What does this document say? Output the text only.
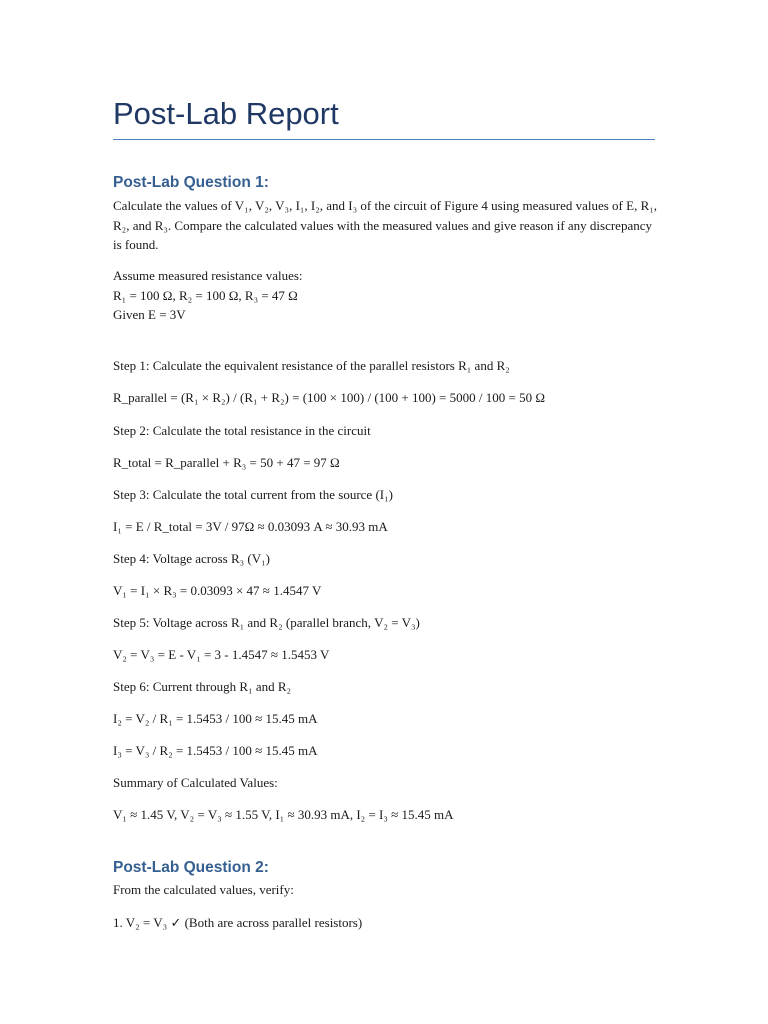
Post-Lab Report
Post-Lab Question 1:

Calculate the values of V₁, V₂, V₃, I₁, I₂, and I₃ of the circuit of Figure 4 using measured values of E, R₁, R₂, and R₃. Compare the calculated values with the measured values and give reason if any discrepancy is found.

Assume measured resistance values:

R₁ = 100 Ω, R₂ = 100 Ω, R₃ = 47 Ω

Given E = 3V

Step 1: Calculate the equivalent resistance of the parallel resistors R₁ and R₂

R_parallel = (R₁ × R₂) / (R₁ + R₂) = (100 × 100) / (100 + 100) = 5000 / 100 = 50 Ω

Step 2: Calculate the total resistance in the circuit

R_total = R_parallel + R₃ = 50 + 47 = 97 Ω

Step 3: Calculate the total current from the source (I₁)

I₁ = E / R_total = 3V / 97Ω ≈ 0.03093 A ≈ 30.93 mA

Step 4: Voltage across R₃ (V₁)

V₁ = I₁ × R₃ = 0.03093 × 47 ≈ 1.4547 V

Step 5: Voltage across R₁ and R₂ (parallel branch, V₂ = V₃)

V₂ = V₃ = E - V₁ = 3 - 1.4547 ≈ 1.5453 V

Step 6: Current through R₁ and R₂

I₂ = V₂ / R₁ = 1.5453 / 100 ≈ 15.45 mA

I₃ = V₃ / R₂ = 1.5453 / 100 ≈ 15.45 mA

Summary of Calculated Values:

V₁ ≈ 1.45 V, V₂ = V₃ ≈ 1.55 V, I₁ ≈ 30.93 mA, I₂ = I₃ ≈ 15.45 mA

Post-Lab Question 2:

From the calculated values, verify:

1. V₂ = V₃ ✓ (Both are across parallel resistors)
